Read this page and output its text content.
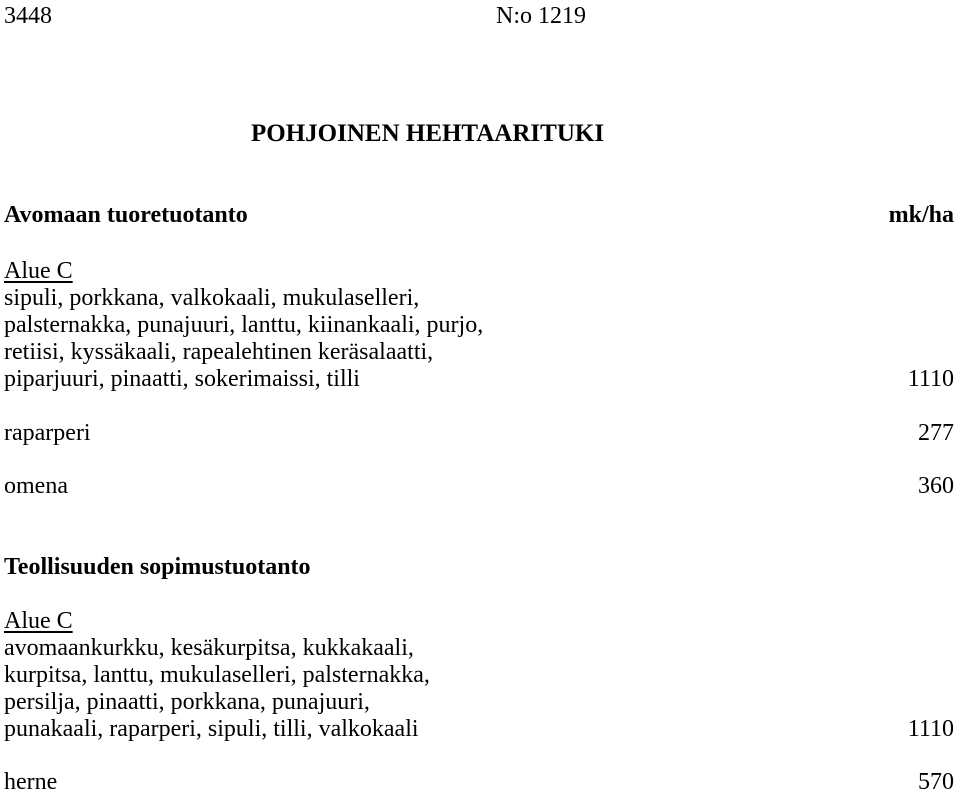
3448	N:o 1219
POHJOINEN HEHTAARITUKI
Avomaan tuoretuotanto	mk/ha
Alue C
sipuli, porkkana, valkokaali, mukulaselleri,
palsternakka, punajuuri, lanttu, kiinankaali, purjo,
retiisi, kyssäkaali, rapealehtinen keräsalaatti,
piparjuuri, pinaatti, sokerimaissi, tilli	1110
raparperi	277
omena	360
Teollisuuden sopimustuotanto
Alue C
avomaankurkku, kesäkurpitsa, kukkakaali,
kurpitsa, lanttu, mukulaselleri, palsternakka,
persilja, pinaatti, porkkana, punajuuri,
punakaali, raparperi, sipuli, tilli, valkokaali	1110
herne	570
